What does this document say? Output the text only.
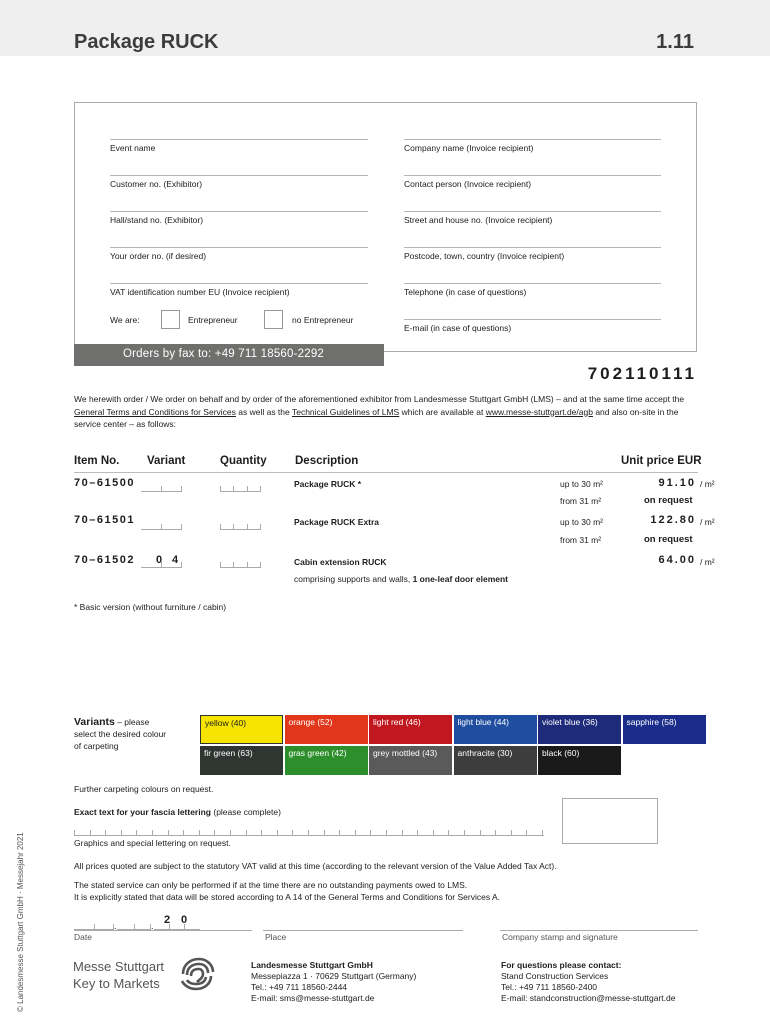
Package RUCK	1.11
Event name
Customer no. (Exhibitor)
Hall/stand no. (Exhibitor)
Your order no. (if desired)
VAT identification number EU (Invoice recipient)
We are:	Entrepreneur	no Entrepreneur
Company name (Invoice recipient)
Contact person (Invoice recipient)
Street and house no. (Invoice recipient)
Postcode, town, country (Invoice recipient)
Telephone (in case of questions)
E-mail (in case of questions)
Orders by fax to: +49 711 18560-2292
702110111
We herewith order / We order on behalf and by order of the aforementioned exhibitor from Landesmesse Stuttgart GmbH (LMS) – and at the same time accept the General Terms and Conditions for Services as well as the Technical Guidelines of LMS which are available at www.messe-stuttgart.de/agb and also on-site in the service center – as follows:
Item No. Variant	Quantity Description	Unit price EUR
70–61500	Package RUCK *	up to 30 m²	91.10 / m²
from 31 m²	on request
70–61501	Package RUCK Extra	up to 30 m²	122.80 / m²
from 31 m²	on request
70–61502 0 4	Cabin extension RUCK	64.00 / m²
comprising supports and walls, 1 one-leaf door element
* Basic version (without furniture / cabin)
Variants – please
select the desired colour
of carpeting
yellow (40)	orange (52)	light red (46)	light blue (44)	violet blue (36)	sapphire (58)
fir green (63)	gras green (42)	grey mottled (43)	anthracite (30)	black (60)
Further carpeting colours on request.
Exact text for your fascia lettering (please complete)
Graphics and special lettering on request.
All prices quoted are subject to the statutory VAT valid at this time (according to the relevant version of the Value Added Tax Act).
The stated service can only be performed if at the time there are no outstanding payments owed to LMS.
It is explicitly stated that data will be stored according to A 14 of the General Terms and Conditions for Services A.
.	. 2 0
Date	Place	Company stamp and signature
© Landesmesse Stuttgart GmbH · Messejahr 2021	Messe Stuttgart
Key to Markets
Landesmesse Stuttgart GmbH
Messepiazza 1 · 70629 Stuttgart (Germany)
Tel.: +49 711 18560-2444
E-mail: sms@messe-stuttgart.de
For questions please contact:
Stand Construction Services
Tel.: +49 711 18560-2400
E-mail: standconstruction@messe-stuttgart.de
